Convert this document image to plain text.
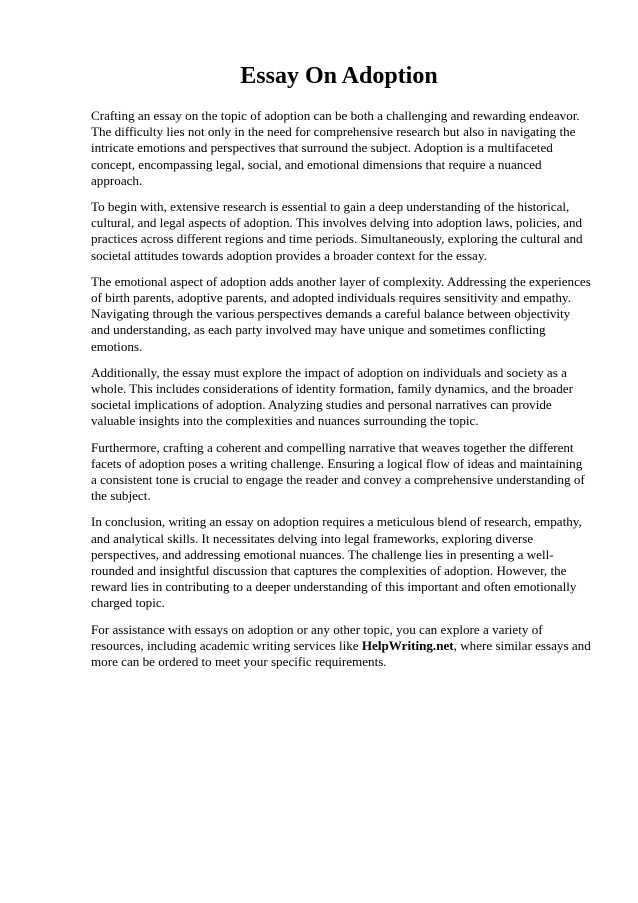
Essay On Adoption

Crafting an essay on the topic of adoption can be both a challenging and rewarding endeavor. The difficulty lies not only in the need for comprehensive research but also in navigating the intricate emotions and perspectives that surround the subject. Adoption is a multifaceted concept, encompassing legal, social, and emotional dimensions that require a nuanced approach.

To begin with, extensive research is essential to gain a deep understanding of the historical, cultural, and legal aspects of adoption. This involves delving into adoption laws, policies, and practices across different regions and time periods. Simultaneously, exploring the cultural and societal attitudes towards adoption provides a broader context for the essay.

The emotional aspect of adoption adds another layer of complexity. Addressing the experiences of birth parents, adoptive parents, and adopted individuals requires sensitivity and empathy. Navigating through the various perspectives demands a careful balance between objectivity and understanding, as each party involved may have unique and sometimes conflicting emotions.

Additionally, the essay must explore the impact of adoption on individuals and society as a whole. This includes considerations of identity formation, family dynamics, and the broader societal implications of adoption. Analyzing studies and personal narratives can provide valuable insights into the complexities and nuances surrounding the topic.

Furthermore, crafting a coherent and compelling narrative that weaves together the different facets of adoption poses a writing challenge. Ensuring a logical flow of ideas and maintaining a consistent tone is crucial to engage the reader and convey a comprehensive understanding of the subject.

In conclusion, writing an essay on adoption requires a meticulous blend of research, empathy, and analytical skills. It necessitates delving into legal frameworks, exploring diverse perspectives, and addressing emotional nuances. The challenge lies in presenting a well-rounded and insightful discussion that captures the complexities of adoption. However, the reward lies in contributing to a deeper understanding of this important and often emotionally charged topic.

For assistance with essays on adoption or any other topic, you can explore a variety of resources, including academic writing services like HelpWriting.net, where similar essays and more can be ordered to meet your specific requirements.
